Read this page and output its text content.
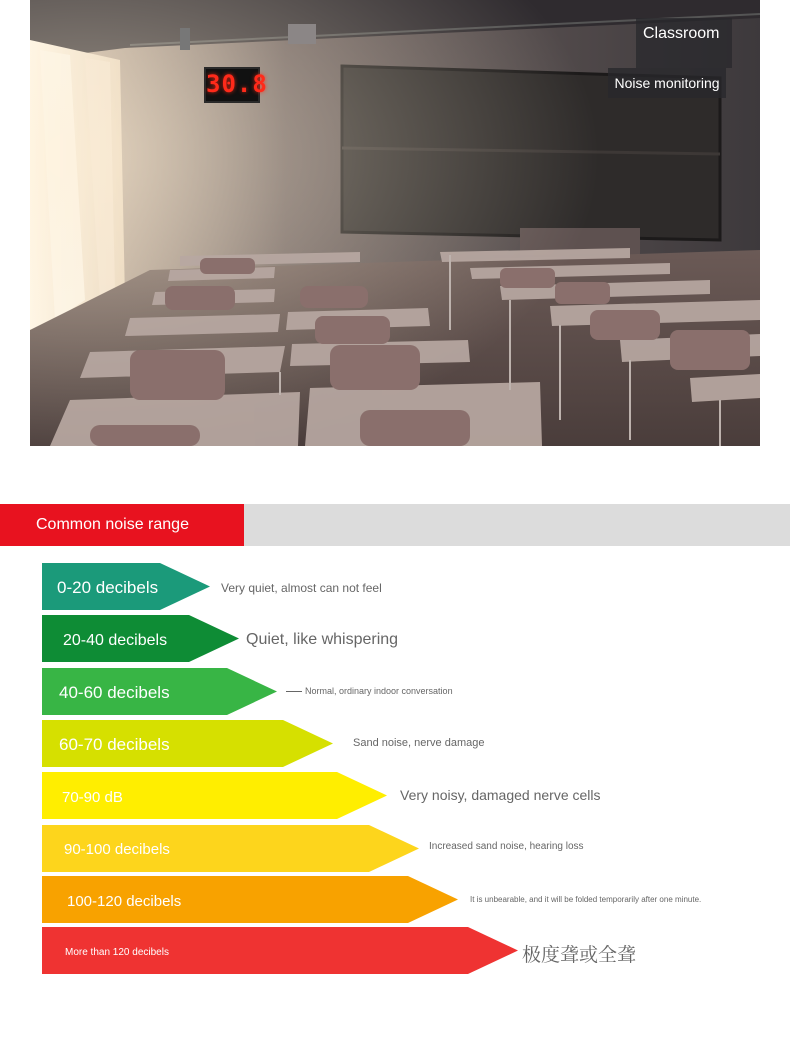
30.8
Classroom
Noise monitoring
Common noise range
0-20 decibels	Very quiet, almost can not feel
20-40 decibels	Quiet, like whispering
40-60 decibels	Normal, ordinary indoor conversation
60-70 decibels	Sand noise, nerve damage
70-90 dB	Very noisy, damaged nerve cells
90-100 decibels	Increased sand noise, hearing loss
100-120 decibels	It is unbearable, and it will be folded temporarily after one minute.
More than 120 decibels	极度聋或全聋
